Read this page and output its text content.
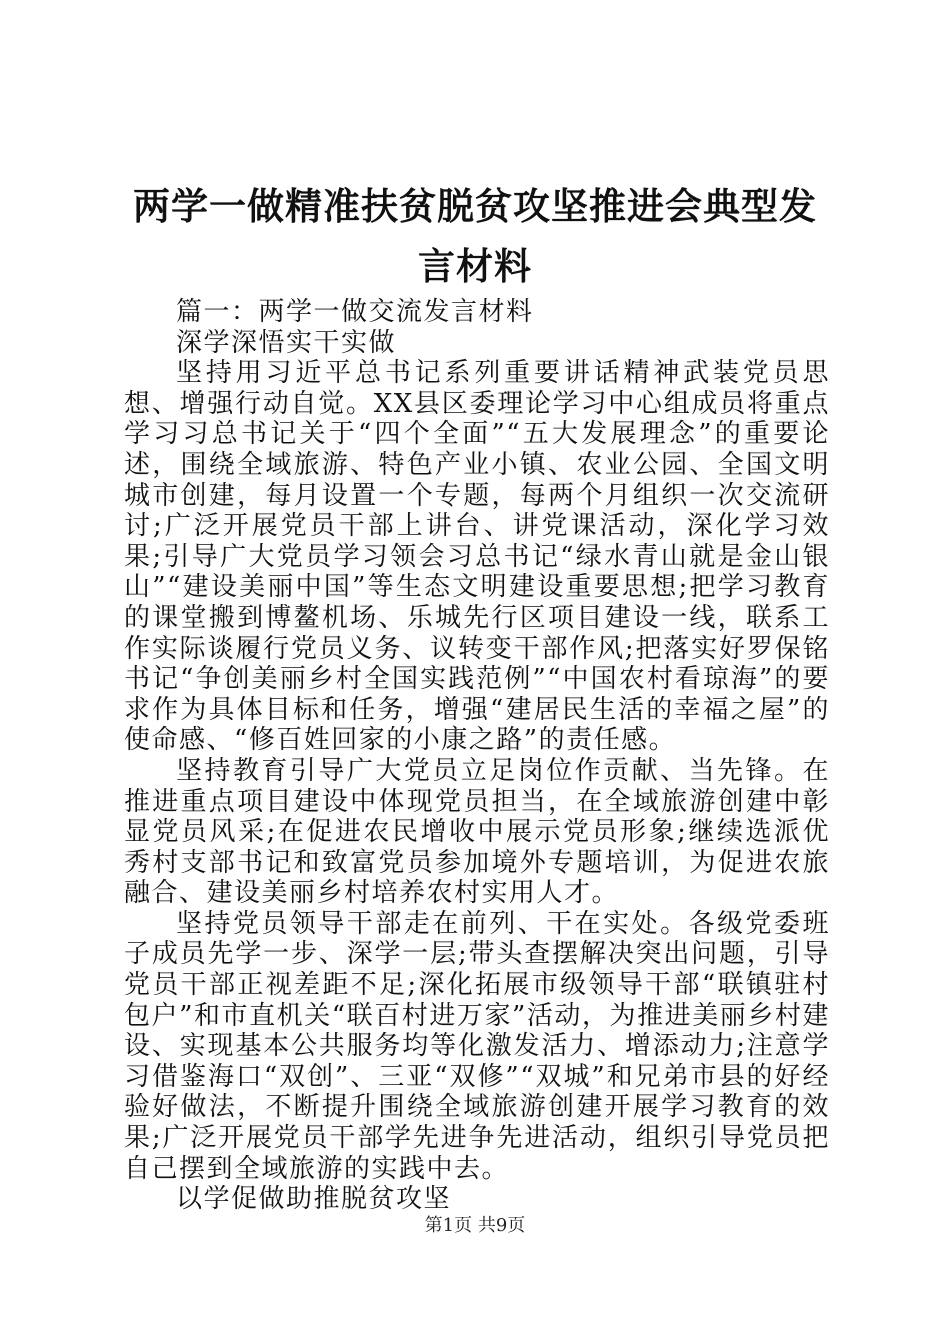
两学一做精准扶贫脱贫攻坚推进会典型发言材料

篇一：两学一做交流发言材料

深学深悟实干实做

坚持用习近平总书记系列重要讲话精神武装党员思想、增强行动自觉。XX县区委理论学习中心组成员将重点学习习总书记关于“四个全面”“五大发展理念”的重要论述，围绕全域旅游、特色产业小镇、农业公园、全国文明城市创建，每月设置一个专题，每两个月组织一次交流研讨;广泛开展党员干部上讲台、讲党课活动，深化学习效果;引导广大党员学习领会习总书记“绿水青山就是金山银山”“建设美丽中国”等生态文明建设重要思想;把学习教育的课堂搬到博鳌机场、乐城先行区项目建设一线，联系工作实际谈履行党员义务、议转变干部作风;把落实好罗保铭书记“争创美丽乡村全国实践范例”“中国农村看琼海”的要求作为具体目标和任务，增强“建居民生活的幸福之屋”的使命感、“修百姓回家的小康之路”的责任感。

坚持教育引导广大党员立足岗位作贡献、当先锋。在推进重点项目建设中体现党员担当，在全域旅游创建中彰显党员风采;在促进农民增收中展示党员形象;继续选派优秀村支部书记和致富党员参加境外专题培训，为促进农旅融合、建设美丽乡村培养农村实用人才。

坚持党员领导干部走在前列、干在实处。各级党委班子成员先学一步、深学一层;带头查摆解决突出问题，引导党员干部正视差距不足;深化拓展市级领导干部“联镇驻村包户”和市直机关“联百村进万家”活动，为推进美丽乡村建设、实现基本公共服务均等化激发活力、增添动力;注意学习借鉴海口“双创”、三亚“双修”“双城”和兄弟市县的好经验好做法，不断提升围绕全域旅游创建开展学习教育的效果;广泛开展党员干部学先进争先进活动，组织引导党员把自己摆到全域旅游的实践中去。

以学促做助推脱贫攻坚

第1页 共9页
